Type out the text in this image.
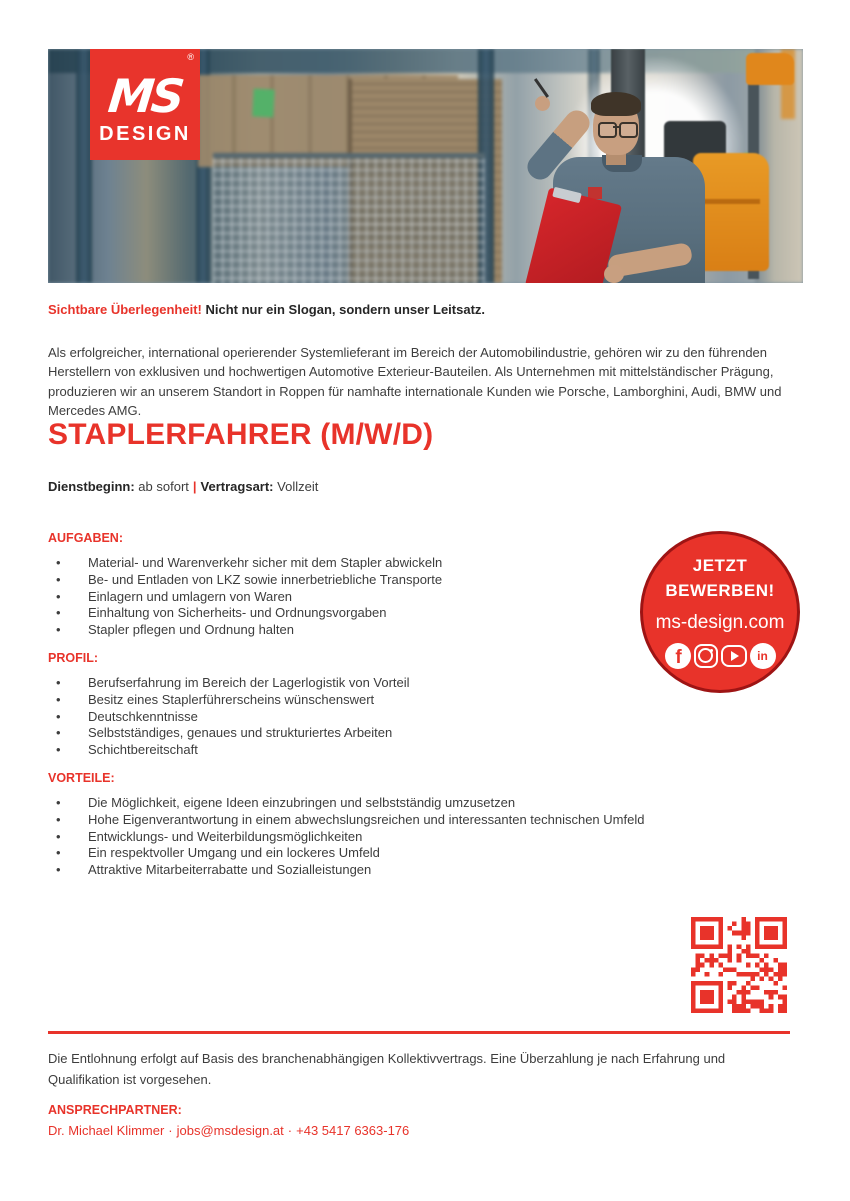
®
MS
DESIGN

Sichtbare Überlegenheit! Nicht nur ein Slogan, sondern unser Leitsatz.

Als erfolgreicher, international operierender Systemlieferant im Bereich der Automobilindustrie, gehören wir zu den führenden Herstellern von exklusiven und hochwertigen Automotive Exterieur-Bauteilen. Als Unternehmen mit mittelständischer Prägung, produzieren wir an unserem Standort in Roppen für namhafte internationale Kunden wie Porsche, Lamborghini, Audi, BMW und Mercedes AMG.

STAPLERFAHRER (M/W/D)

Dienstbeginn: ab sofort | Vertragsart: Vollzeit

AUFGABEN:
• Material- und Warenverkehr sicher mit dem Stapler abwickeln
• Be- und Entladen von LKZ sowie innerbetriebliche Transporte
• Einlagern und umlagern von Waren
• Einhaltung von Sicherheits- und Ordnungsvorgaben
• Stapler pflegen und Ordnung halten
PROFIL:
• Berufserfahrung im Bereich der Lagerlogistik von Vorteil
• Besitz eines Staplerführerscheins wünschenswert
• Deutschkenntnisse
• Selbstständiges, genaues und strukturiertes Arbeiten
• Schichtbereitschaft
VORTEILE:
• Die Möglichkeit, eigene Ideen einzubringen und selbstständig umzusetzen
• Hohe Eigenverantwortung in einem abwechslungsreichen und interessanten technischen Umfeld
• Entwicklungs- und Weiterbildungsmöglichkeiten
• Ein respektvoller Umgang und ein lockeres Umfeld
• Attraktive Mitarbeiterrabatte und Sozialleistungen
JETZT
BEWERBEN!
ms-design.com
f	in

Die Entlohnung erfolgt auf Basis des branchenabhängigen Kollektivvertrags. Eine Überzahlung je nach Erfahrung und Qualifikation ist vorgesehen.

ANSPRECHPARTNER:

Dr. Michael Klimmer · jobs@msdesign.at · +43 5417 6363-176
